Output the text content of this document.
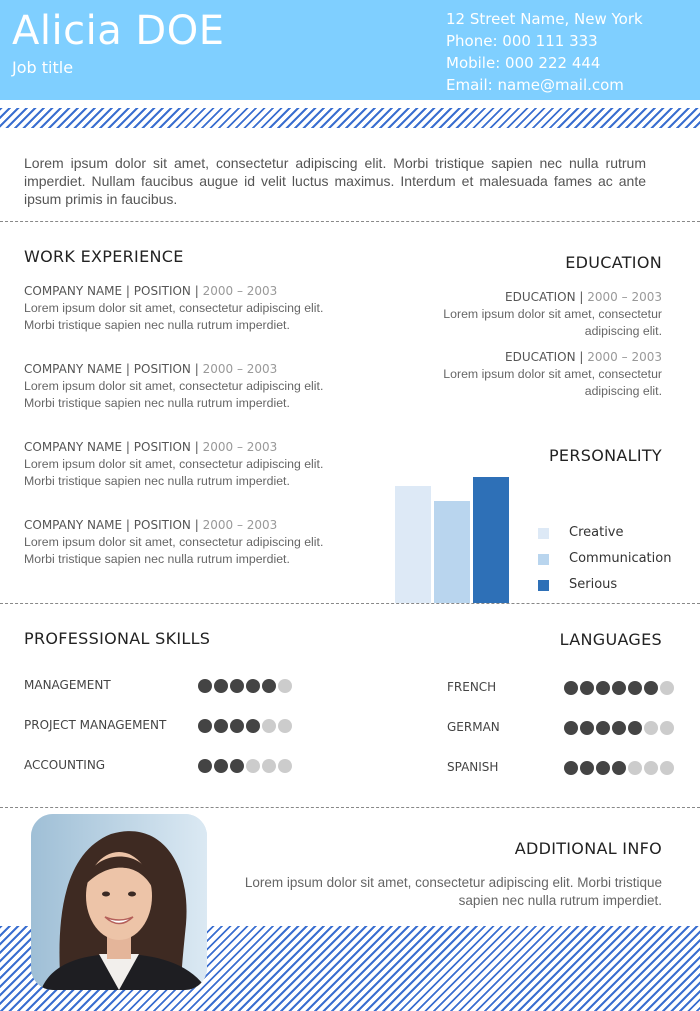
Alicia DOE
Job title
12 Street Name, New York
Phone: 000 111 333
Mobile: 000 222 444
Email: name@mail.com
Lorem ipsum dolor sit amet, consectetur adipiscing elit. Morbi tristique sapien nec nulla rutrum imperdiet. Nullam faucibus augue id velit luctus maximus. Interdum et malesuada fames ac ante ipsum primis in faucibus.
WORK EXPERIENCE
COMPANY NAME | POSITION | 2000 – 2003
Lorem ipsum dolor sit amet, consectetur adipiscing elit. Morbi tristique sapien nec nulla rutrum imperdiet.
COMPANY NAME | POSITION | 2000 – 2003
Lorem ipsum dolor sit amet, consectetur adipiscing elit. Morbi tristique sapien nec nulla rutrum imperdiet.
COMPANY NAME | POSITION | 2000 – 2003
Lorem ipsum dolor sit amet, consectetur adipiscing elit. Morbi tristique sapien nec nulla rutrum imperdiet.
COMPANY NAME | POSITION | 2000 – 2003
Lorem ipsum dolor sit amet, consectetur adipiscing elit. Morbi tristique sapien nec nulla rutrum imperdiet.
EDUCATION
EDUCATION | 2000 – 2003
Lorem ipsum dolor sit amet, consectetur adipiscing elit.
EDUCATION | 2000 – 2003
Lorem ipsum dolor sit amet, consectetur adipiscing elit.
PERSONALITY
Creative
Communication
Serious
PROFESSIONAL SKILLS
MANAGEMENT
PROJECT MANAGEMENT
ACCOUNTING
LANGUAGES
FRENCH
GERMAN
SPANISH
ADDITIONAL INFO
Lorem ipsum dolor sit amet, consectetur adipiscing elit. Morbi tristique sapien nec nulla rutrum imperdiet.
